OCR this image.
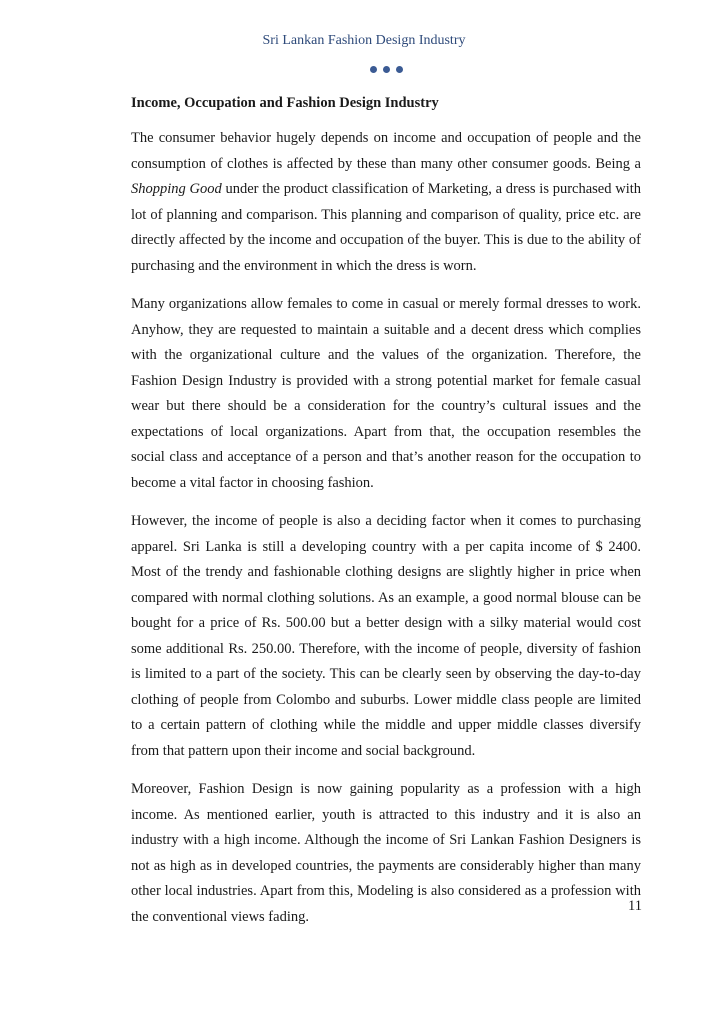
Sri Lankan Fashion Design Industry
Income, Occupation and Fashion Design Industry

The consumer behavior hugely depends on income and occupation of people and the consumption of clothes is affected by these than many other consumer goods. Being a Shopping Good under the product classification of Marketing, a dress is purchased with lot of planning and comparison. This planning and comparison of quality, price etc. are directly affected by the income and occupation of the buyer. This is due to the ability of purchasing and the environment in which the dress is worn.

Many organizations allow females to come in casual or merely formal dresses to work. Anyhow, they are requested to maintain a suitable and a decent dress which complies with the organizational culture and the values of the organization. Therefore, the Fashion Design Industry is provided with a strong potential market for female casual wear but there should be a consideration for the country’s cultural issues and the expectations of local organizations. Apart from that, the occupation resembles the social class and acceptance of a person and that’s another reason for the occupation to become a vital factor in choosing fashion.

However, the income of people is also a deciding factor when it comes to purchasing apparel. Sri Lanka is still a developing country with a per capita income of $ 2400. Most of the trendy and fashionable clothing designs are slightly higher in price when compared with normal clothing solutions. As an example, a good normal blouse can be bought for a price of Rs. 500.00 but a better design with a silky material would cost some additional Rs. 250.00. Therefore, with the income of people, diversity of fashion is limited to a part of the society. This can be clearly seen by observing the day-to-day clothing of people from Colombo and suburbs. Lower middle class people are limited to a certain pattern of clothing while the middle and upper middle classes diversify from that pattern upon their income and social background.

Moreover, Fashion Design is now gaining popularity as a profession with a high income. As mentioned earlier, youth is attracted to this industry and it is also an industry with a high income. Although the income of Sri Lankan Fashion Designers is not as high as in developed countries, the payments are considerably higher than many other local industries. Apart from this, Modeling is also considered as a profession with the conventional views fading.

11
